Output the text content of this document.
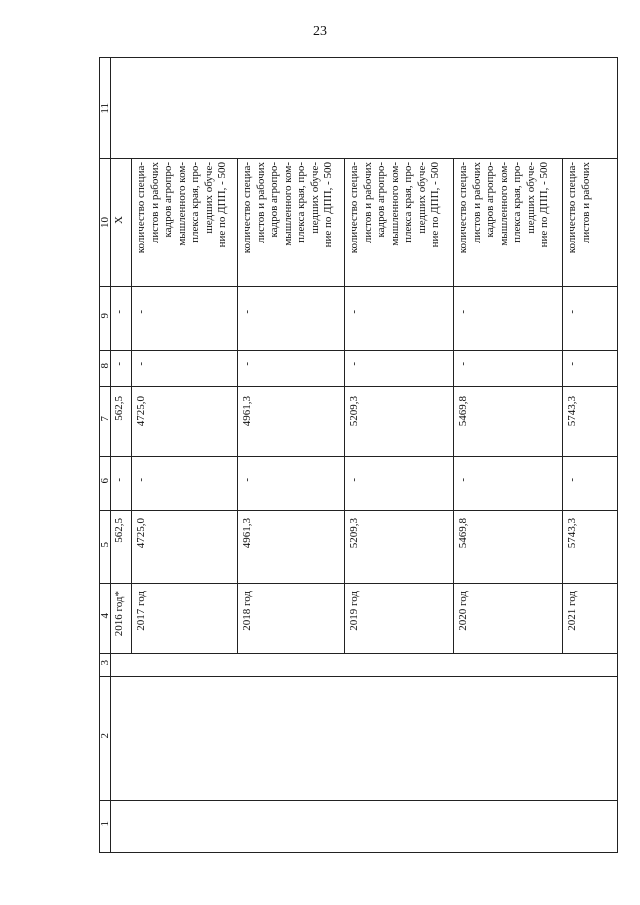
23
1
2
3
4
5
6
7
8
9
10
11
2016 год*
562,5
-
562,5
-
-
X
2017 год
4725,0
-
4725,0
-
-
количество специа- листов и рабочих кадров агропро- мышленного ком- плекса края, про- шедших обуче- ние по ДПП, - 500
2018 год
4961,3
-
4961,3
-
-
количество специа- листов и рабочих кадров агропро- мышленного ком- плекса края, про- шедших обуче- ние по ДПП, - 500
2019 год
5209,3
-
5209,3
-
-
количество специа- листов и рабочих кадров агропро- мышленного ком- плекса края, про- шедших обуче- ние по ДПП, - 500
2020 год
5469,8
-
5469,8
-
-
количество специа- листов и рабочих кадров агропро- мышленного ком- плекса края, про- шедших обуче- ние по ДПП, - 500
2021 год
5743,3
-
5743,3
-
-
количество специа- листов и рабочих
